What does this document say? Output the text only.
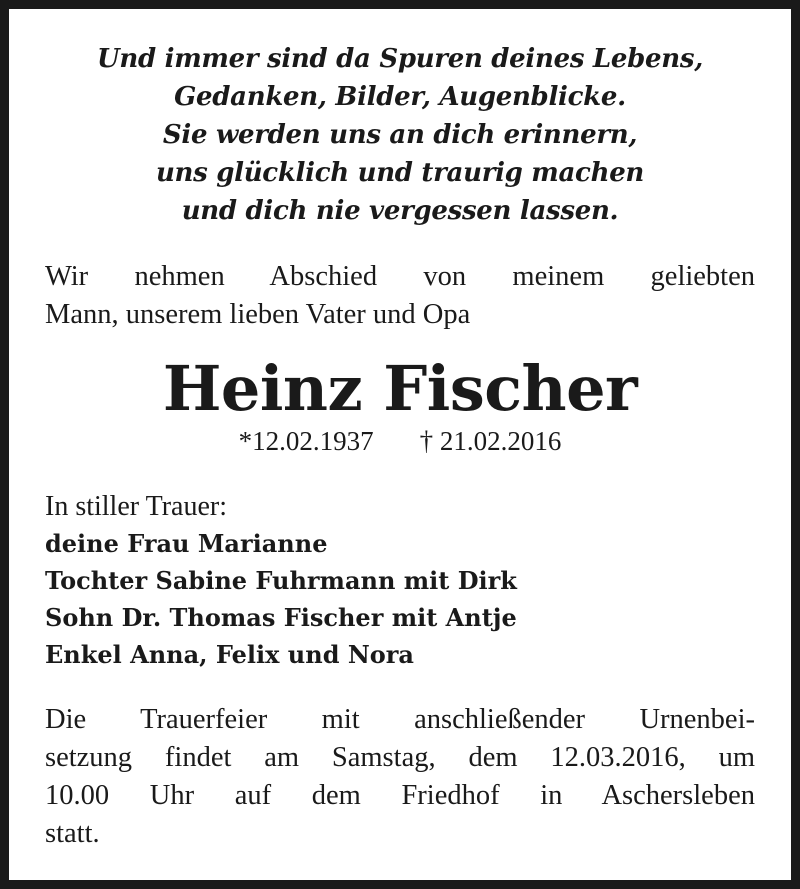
Und immer sind da Spuren deines Lebens,
Gedanken, Bilder, Augenblicke.
Sie werden uns an dich erinnern,
uns glücklich und traurig machen
und dich nie vergessen lassen.
Wir nehmen Abschied von meinem geliebten
Mann, unserem lieben Vater und Opa
Heinz Fischer
*12.02.1937 † 21.02.2016
In stiller Trauer:
deine Frau Marianne
Tochter Sabine Fuhrmann mit Dirk
Sohn Dr. Thomas Fischer mit Antje
Enkel Anna, Felix und Nora
Die Trauerfeier mit anschließender Urnenbei-
setzung findet am Samstag, dem 12.03.2016, um
10.00 Uhr auf dem Friedhof in Aschersleben
statt.
